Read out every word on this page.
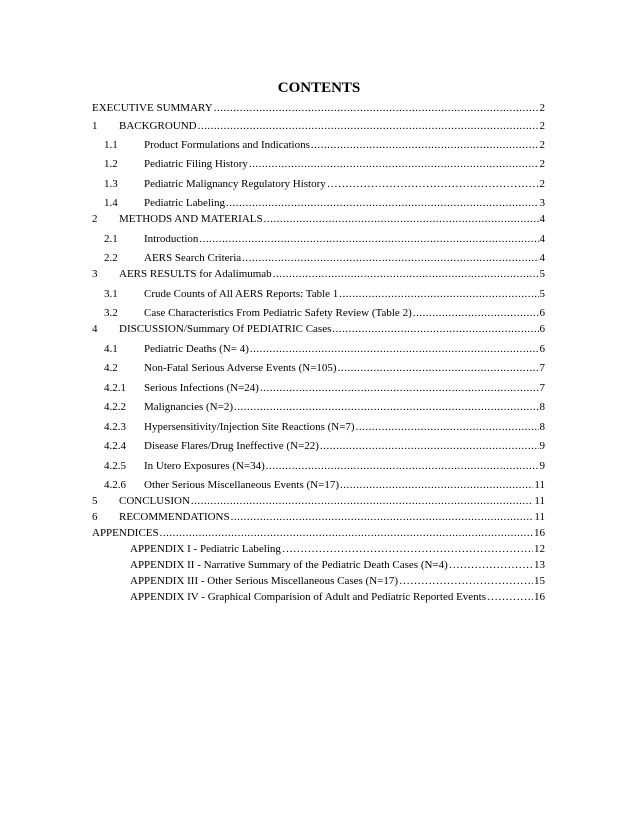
CONTENTS
EXECUTIVE SUMMARY .....	2
1	BACKGROUND .....	2
1.1	Product Formulations and Indications .....	2
1.2	Pediatric Filing History .....	2
1.3	Pediatric Malignancy Regulatory History ………………………………………………………………………………………………………………………………………………………………	2
1.4	Pediatric Labeling .....	3
2	METHODS AND MATERIALS .....	4
2.1	Introduction .....	4
2.2	AERS Search Criteria .....	4
3	AERS RESULTS for Adalimumab .....	5
3.1	Crude Counts of All AERS Reports: Table 1 .....	5
3.2	Case Characteristics From Pediatric Safety Review (Table 2) .....	6
4	DISCUSSION/Summary Of PEDIATRIC Cases .....	6
4.1	Pediatric Deaths (N= 4) .....	6
4.2	Non-Fatal Serious Adverse Events (N=105) .....	7
4.2.1	Serious Infections (N=24) .....	7
4.2.2	Malignancies (N=2) .....	8
4.2.3	Hypersensitivity/Injection Site Reactions (N=7) .....	8
4.2.4	Disease Flares/Drug Ineffective (N=22) .....	9
4.2.5	In Utero Exposures (N=34) .....	9
4.2.6	Other Serious Miscellaneous Events (N=17) .....	11
5	CONCLUSION .....	11
6	RECOMMENDATIONS .....	11
APPENDICES .....	16
APPENDIX I - Pediatric Labeling ………………………………………………………………………………………………………………………………………………………………	12
APPENDIX II - Narrative Summary of the Pediatric Death Cases (N=4) ………………………………………………………………………………………………………………………………………………………………	13
APPENDIX III - Other Serious Miscellaneous Cases (N=17) ………………………………………………………………………………………………………………………………………………………………	15
APPENDIX IV - Graphical Comparision of Adult and Pediatric Reported Events ………………………………………………………………………………………………………………………………………………………………	16
